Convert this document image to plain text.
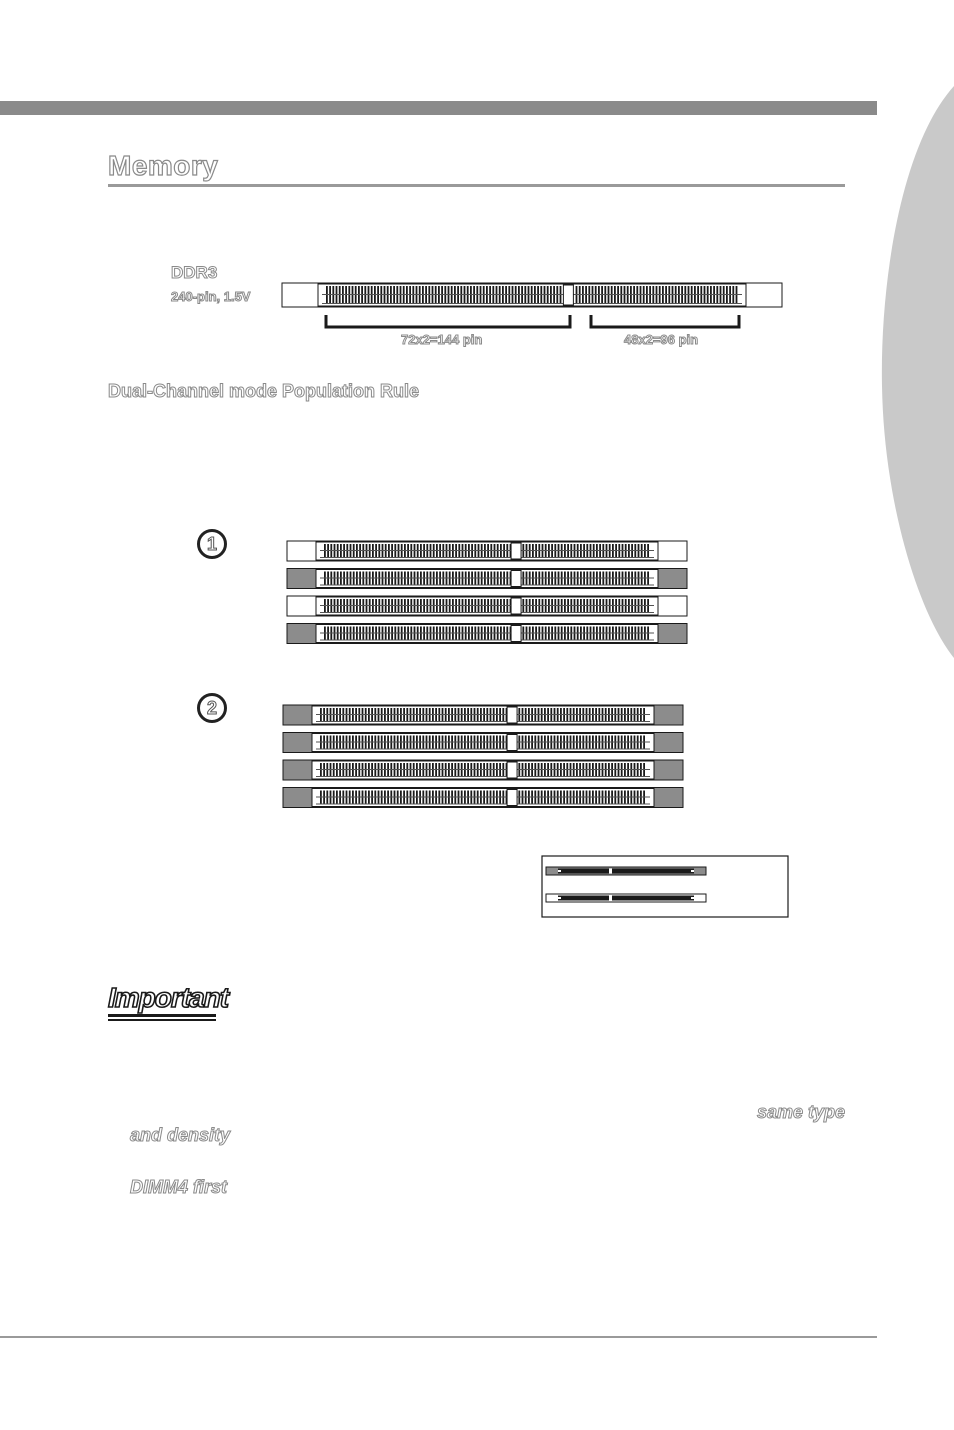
Memory
DDR3
240-pin, 1.5V
72x2=144 pin	48x2=96 pin
Dual-Channel mode Population Rule
1
2
Important
same type
and density
DIMM4 first
